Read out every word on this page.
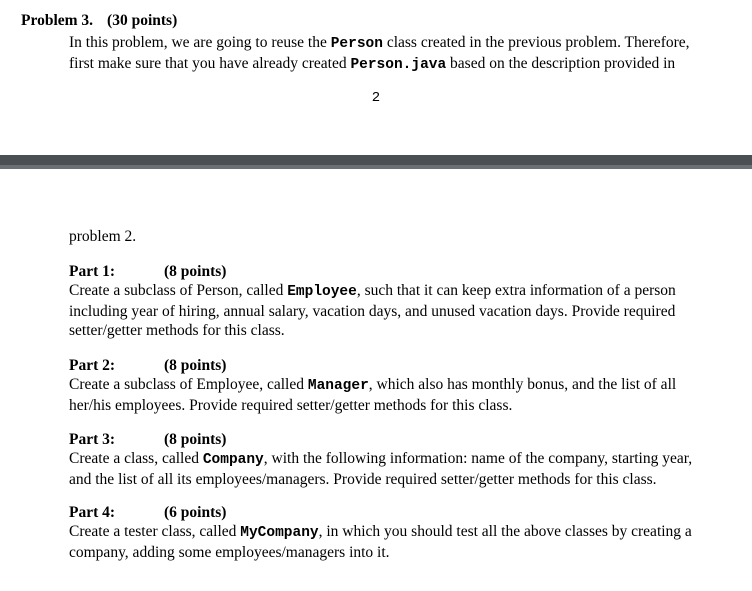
Problem 3. (30 points)
In this problem, we are going to reuse the Person class created in the previous problem. Therefore,
first make sure that you have already created Person.java based on the description provided in
2
problem 2.
Part 1:	(8 points)
Create a subclass of Person, called Employee, such that it can keep extra information of a person
including year of hiring, annual salary, vacation days, and unused vacation days. Provide required
setter/getter methods for this class.
Part 2:	(8 points)
Create a subclass of Employee, called Manager, which also has monthly bonus, and the list of all
her/his employees. Provide required setter/getter methods for this class.
Part 3:	(8 points)
Create a class, called Company, with the following information: name of the company, starting year,
and the list of all its employees/managers. Provide required setter/getter methods for this class.
Part 4:	(6 points)
Create a tester class, called MyCompany, in which you should test all the above classes by creating a
company, adding some employees/managers into it.
